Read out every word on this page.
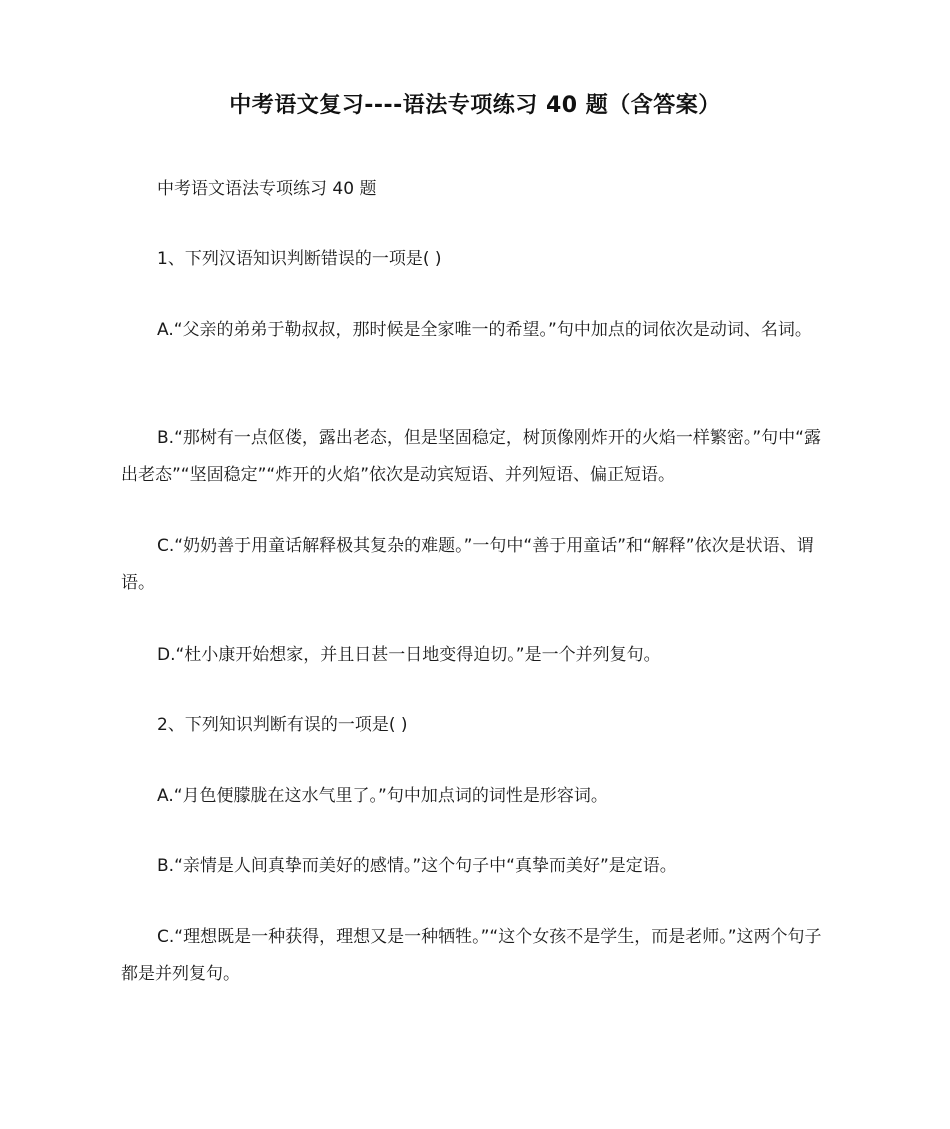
中考语文复习----语法专项练习 40 题（含答案）

中考语文语法专项练习 40 题

1、下列汉语知识判断错误的一项是( )

A.“父亲的弟弟于勒叔叔，那时候是全家唯一的希望。”句中加点的词依次是动词、名词。

B.“那树有一点伛偻，露出老态，但是坚固稳定，树顶像刚炸开的火焰一样繁密。”句中“露出老态”“坚固稳定”“炸开的火焰”依次是动宾短语、并列短语、偏正短语。

C.“奶奶善于用童话解释极其复杂的难题。”一句中“善于用童话”和“解释”依次是状语、谓语。

D.“杜小康开始想家，并且日甚一日地变得迫切。”是一个并列复句。

2、下列知识判断有误的一项是( )

A.“月色便朦胧在这水气里了。”句中加点词的词性是形容词。

B.“亲情是人间真挚而美好的感情。”这个句子中“真挚而美好”是定语。

C.“理想既是一种获得，理想又是一种牺牲。”“这个女孩不是学生，而是老师。”这两个句子都是并列复句。
